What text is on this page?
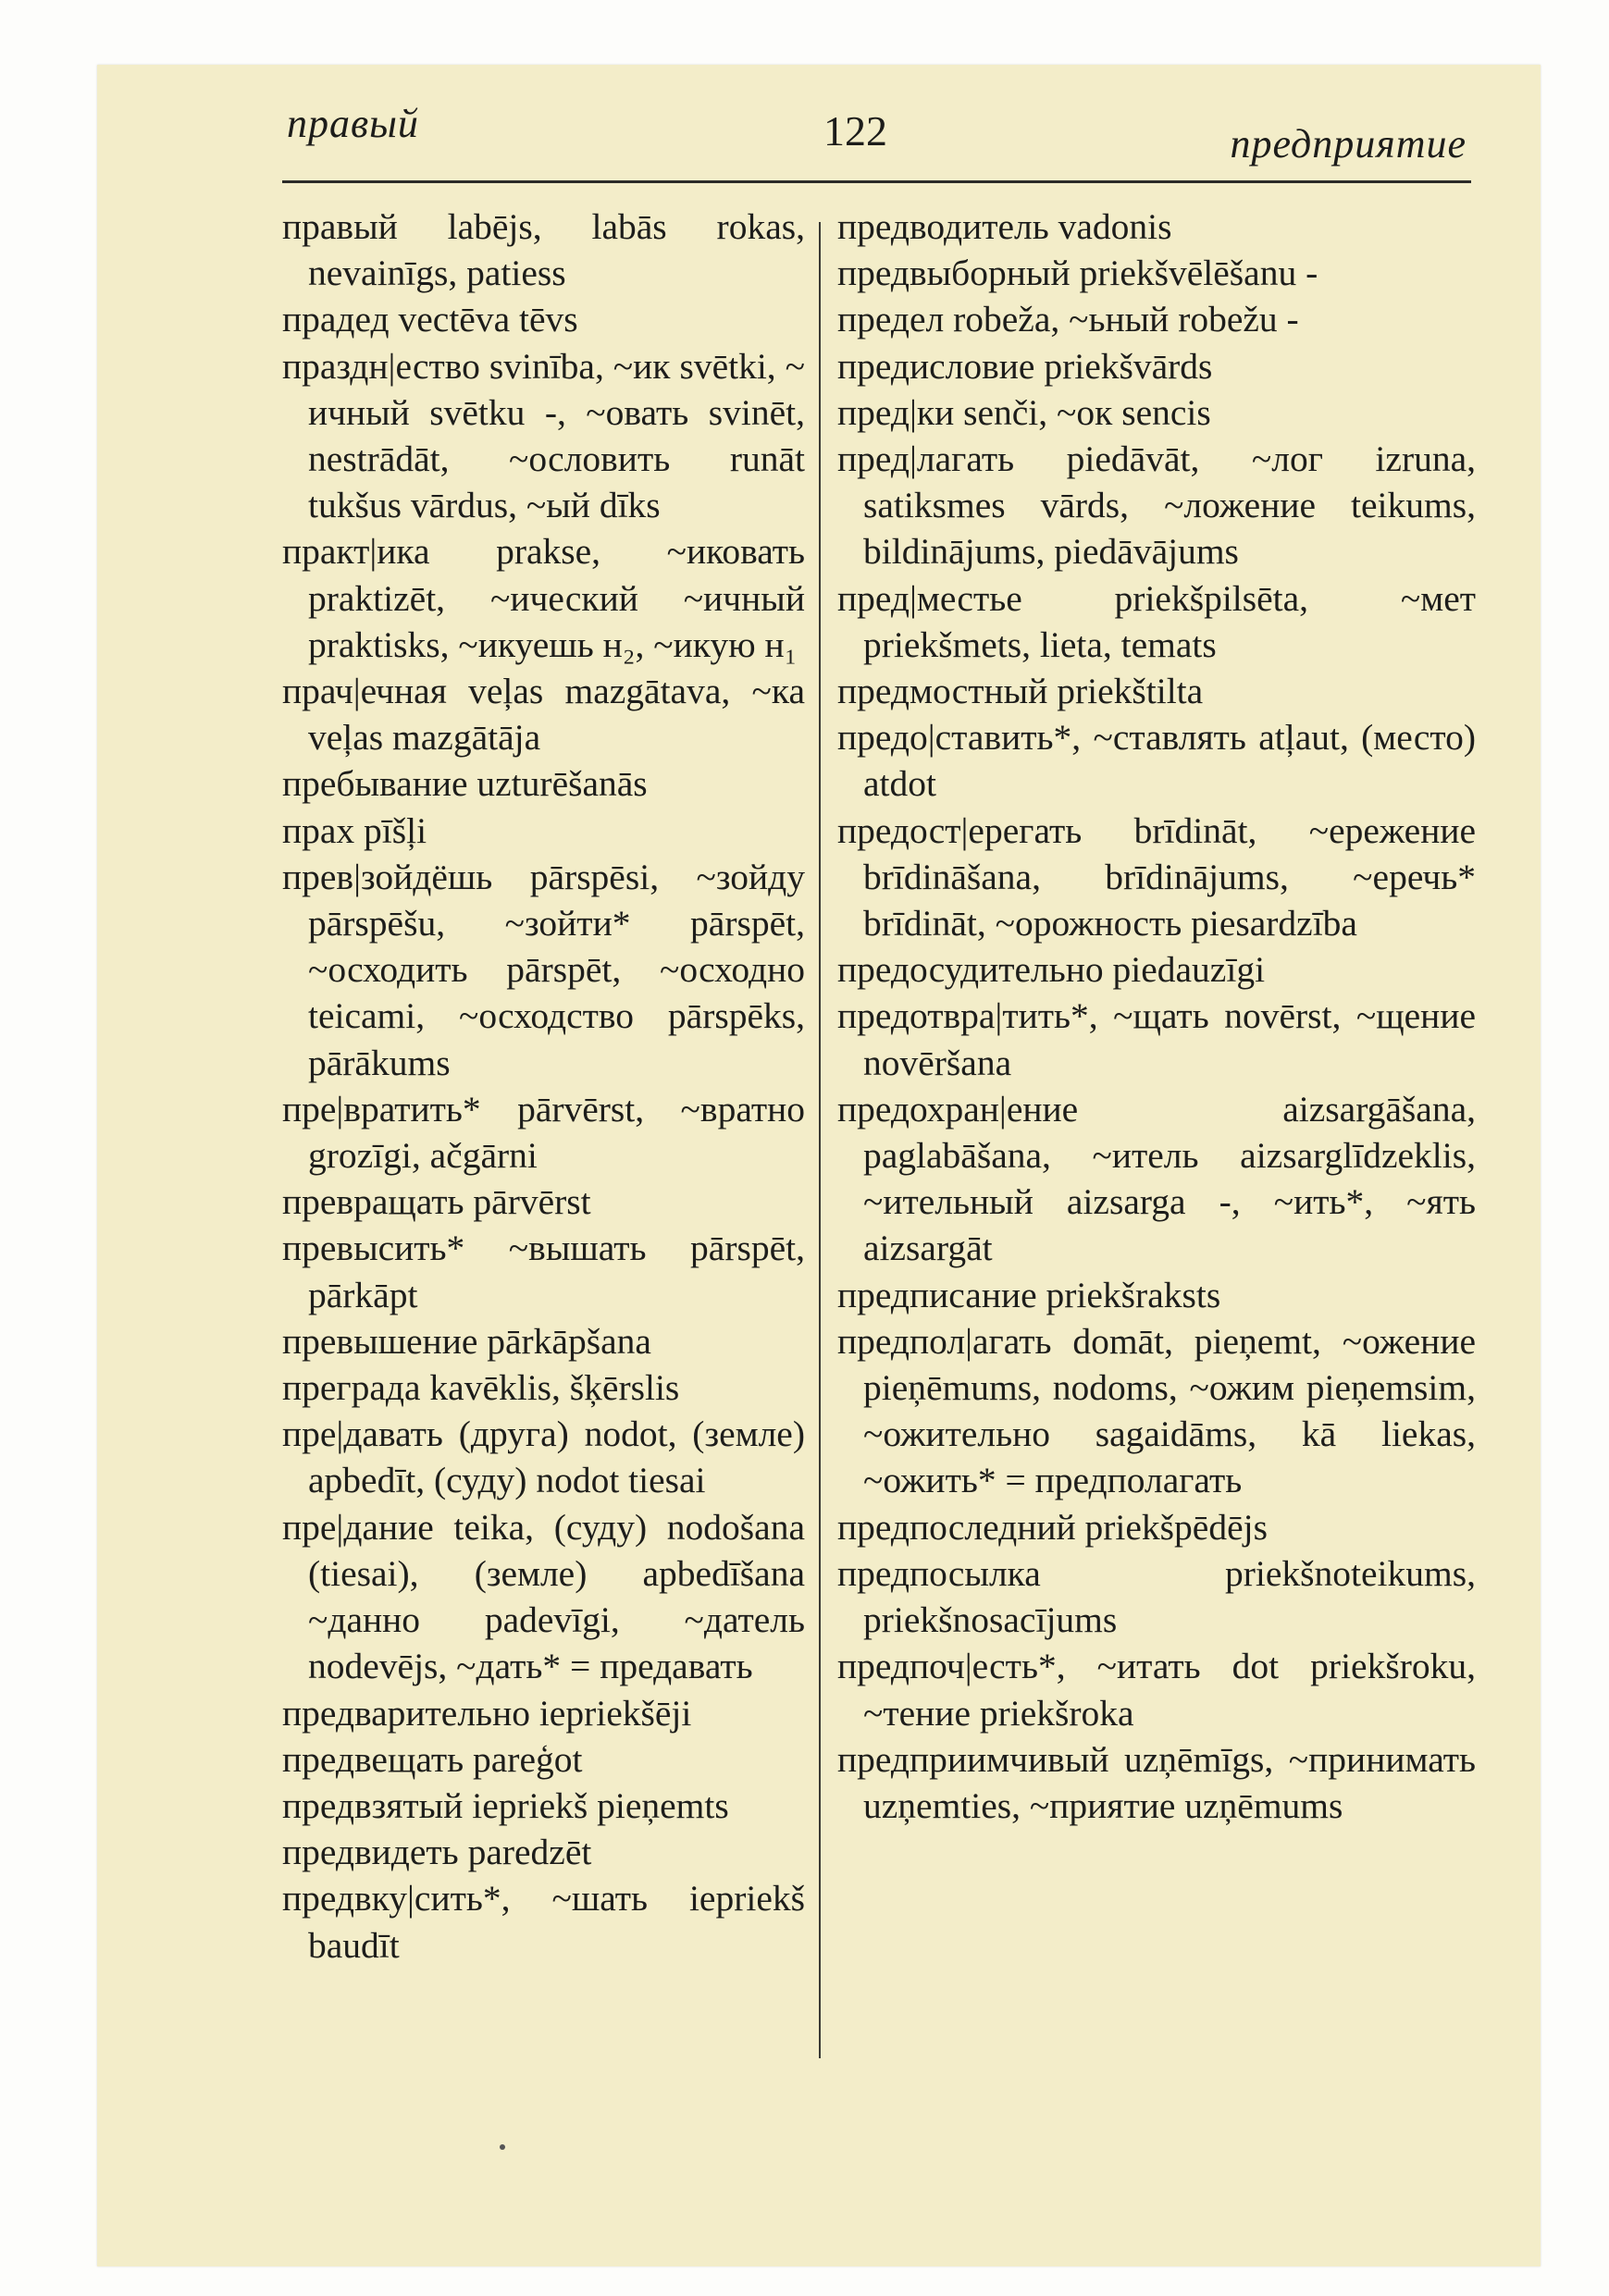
правый	122	предприятие

правый labējs, labās rokas, nevainīgs, patiess

прадед vectēva tēvs

праздн|ество svinība, ~ик svētki, ~ ичный svētku -, ~овать svinēt, nestrādāt, ~ословить runāt tukšus vārdus, ~ый dīks

практ|ика prakse, ~иковать praktizēt, ~ический ~ичный praktisks, ~икуешь н₂, ~икую н₁

прач|ечная veļas mazgātava, ~ка veļas mazgātāja

пребывание uzturēšanās

прах pīšļi

прев|зойдёшь pārspēsi, ~зойду pārspēšu, ~зойти* pārspēt, ~осходить pārspēt, ~осходно teicami, ~осходство pārspēks, pārākums

пре|вратить* pārvērst, ~вратно grozīgi, ačgārni

превращать pārvērst

превысить* ~вышать pārspēt, pārkāpt

превышение pārkāpšana

преграда kavēklis, šķērslis

пре|давать (друга) nodot, (земле) apbedīt, (суду) nodot tiesai

пре|дание teika, (суду) nodošana (tiesai), (земле) apbedīšana ~данно padevīgi, ~датель nodevējs, ~дать* = предавать

предварительно iepriekšēji

предвещать pareģot

предвзятый iepriekš pieņemts

предвидеть paredzēt

предвку|сить*, ~шать iepriekš baudīt

предводитель vadonis

предвыборный priekšvēlēšanu -

предел robeža, ~ьный robežu -

предисловие priekšvārds

пред|ки senči, ~ок sencis

пред|лагать piedāvāt, ~лог izruna, satiksmes vārds, ~ложение teikums, bildinājums, piedāvājums

пред|местье priekšpilsēta, ~мет priekšmets, lieta, temats

предмостный priekštilta

предо|ставить*, ~ставлять atļaut, (место) atdot

предост|ерегать brīdināt, ~ережение brīdināšana, brīdinājums, ~еречь* brīdināt, ~орожность piesardzība

предосудительно piedauzīgi

предотвра|тить*, ~щать novērst, ~щение novēršana

предохран|ение aizsargāšana, paglabāšana, ~итель aizsarglīdzeklis, ~ительный aizsarga -, ~ить*, ~ять aizsargāt

предписание priekšraksts

предпол|агать domāt, pieņemt, ~ожение pieņēmums, nodoms, ~ожим pieņemsim, ~ожительно sagaidāms, kā liekas, ~ожить* = предполагать

предпоследний priekšpēdējs

предпосылка priekšnoteikums, priekšnosacījums

предпоч|есть*, ~итать dot priekšroku, ~тение priekšroka

предприимчивый uzņēmīgs, ~принимать uzņemties, ~приятие uzņēmums
